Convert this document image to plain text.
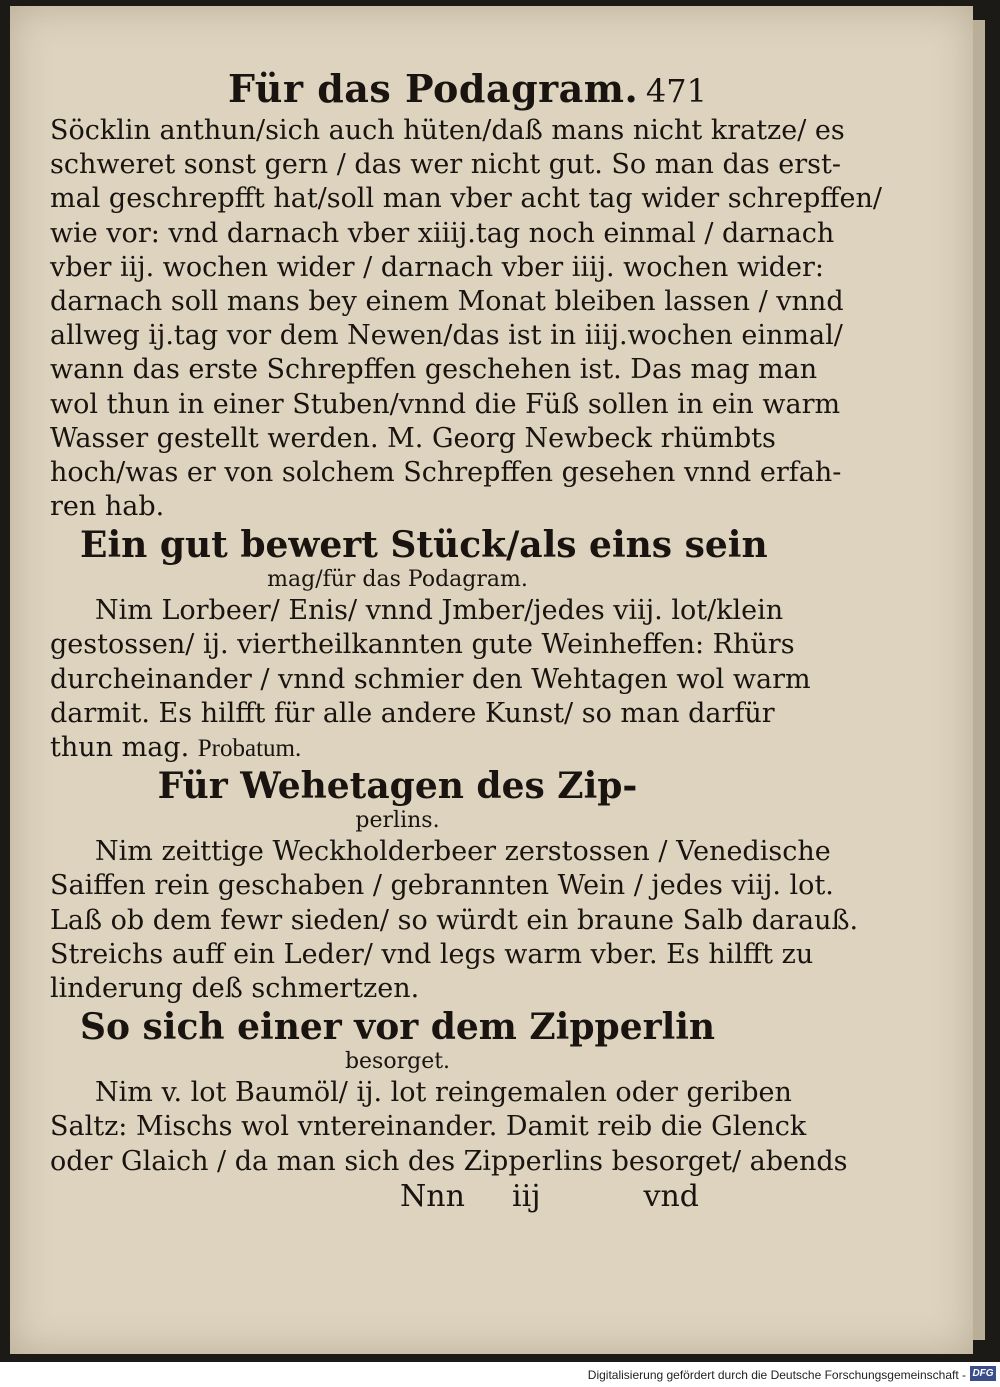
Für das Podagram. 471
Söcklin anthun/sich auch hüten/daß mans nicht kratze/ es
schweret sonst gern / das wer nicht gut. So man das erst-
mal geschrepfft hat/soll man vber acht tag wider schrepffen/
wie vor: vnd darnach vber xiiij.tag noch einmal / darnach
vber iij. wochen wider / darnach vber iiij. wochen wider:
darnach soll mans bey einem Monat bleiben lassen / vnnd
allweg ij.tag vor dem Newen/das ist in iiij.wochen einmal/
wann das erste Schrepffen geschehen ist. Das mag man
wol thun in einer Stuben/vnnd die Füß sollen in ein warm
Wasser gestellt werden. M. Georg Newbeck rhümbts
hoch/was er von solchem Schrepffen gesehen vnnd erfah-
ren hab.
Ein gut bewert Stück/als eins sein
mag/für das Podagram.
Nim Lorbeer/ Enis/ vnnd Jmber/jedes viij. lot/klein
gestossen/ ij. viertheilkannten gute Weinheffen: Rhürs
durcheinander / vnnd schmier den Wehtagen wol warm
darmit. Es hilfft für alle andere Kunst/ so man darfür
thun mag. Probatum.
Für Wehetagen des Zip-
perlins.
Nim zeittige Weckholderbeer zerstossen / Venedische
Saiffen rein geschaben / gebrannten Wein / jedes viij. lot.
Laß ob dem fewr sieden/ so würdt ein braune Salb darauß.
Streichs auff ein Leder/ vnd legs warm vber. Es hilfft zu
linderung deß schmertzen.
So sich einer vor dem Zipperlin
besorget.
Nim v. lot Baumöl/ ij. lot reingemalen oder geriben
Saltz: Mischs wol vntereinander. Damit reib die Glenck
oder Glaich / da man sich des Zipperlins besorget/ abends
Nnn iij	vnd
Digitalisierung gefördert durch die Deutsche Forschungsgemeinschaft - DFG
